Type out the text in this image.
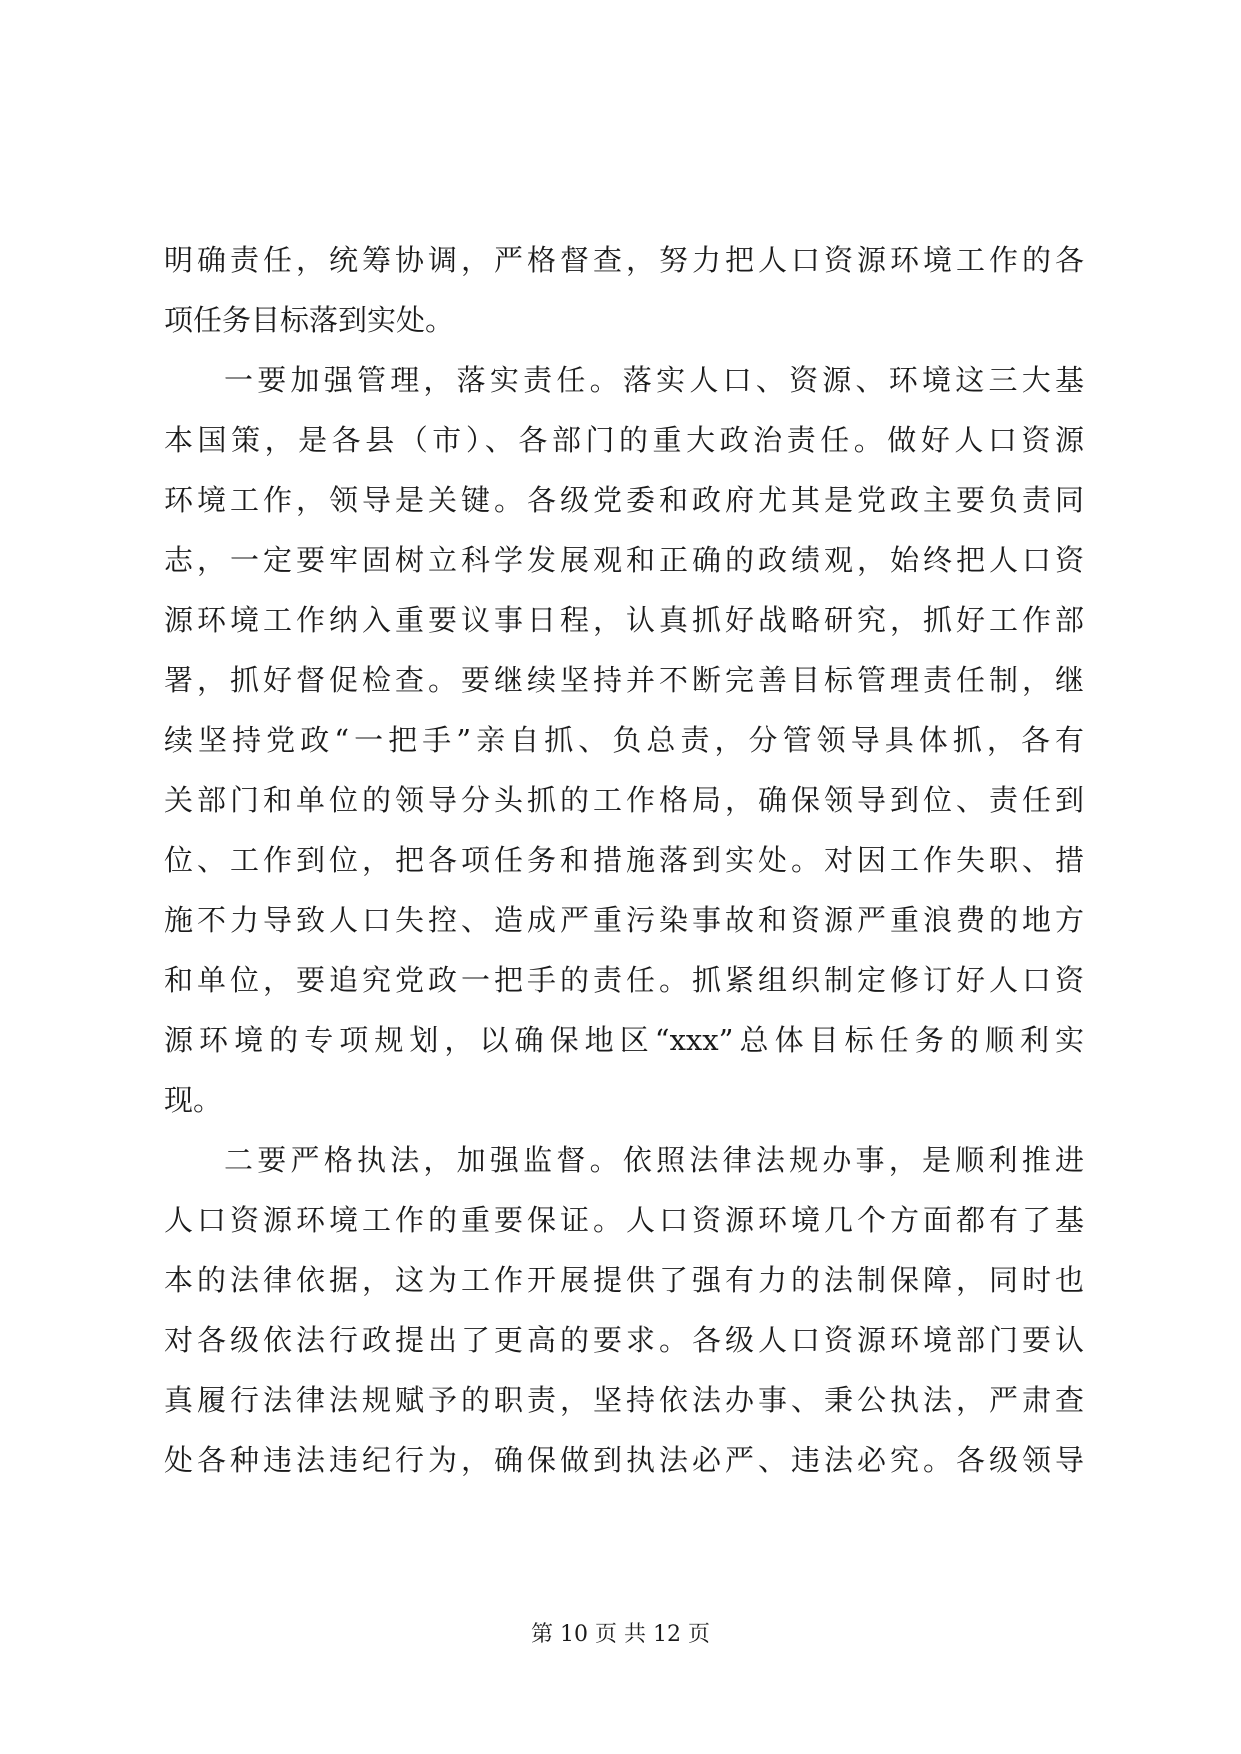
明确责任，统筹协调，严格督查，努力把人口资源环境工作的各
项任务目标落到实处。
一要加强管理，落实责任。落实人口、资源、环境这三大基
本国策，是各县（市）、各部门的重大政治责任。做好人口资源
环境工作，领导是关键。各级党委和政府尤其是党政主要负责同
志，一定要牢固树立科学发展观和正确的政绩观，始终把人口资
源环境工作纳入重要议事日程，认真抓好战略研究，抓好工作部
署，抓好督促检查。要继续坚持并不断完善目标管理责任制，继
续坚持党政“一把手”亲自抓、负总责，分管领导具体抓，各有
关部门和单位的领导分头抓的工作格局，确保领导到位、责任到
位、工作到位，把各项任务和措施落到实处。对因工作失职、措
施不力导致人口失控、造成严重污染事故和资源严重浪费的地方
和单位，要追究党政一把手的责任。抓紧组织制定修订好人口资
源环境的专项规划，以确保地区“xxx”总体目标任务的顺利实
现。
二要严格执法，加强监督。依照法律法规办事，是顺利推进
人口资源环境工作的重要保证。人口资源环境几个方面都有了基
本的法律依据，这为工作开展提供了强有力的法制保障，同时也
对各级依法行政提出了更高的要求。各级人口资源环境部门要认
真履行法律法规赋予的职责，坚持依法办事、秉公执法，严肃查
处各种违法违纪行为，确保做到执法必严、违法必究。各级领导
第 10 页 共 12 页
